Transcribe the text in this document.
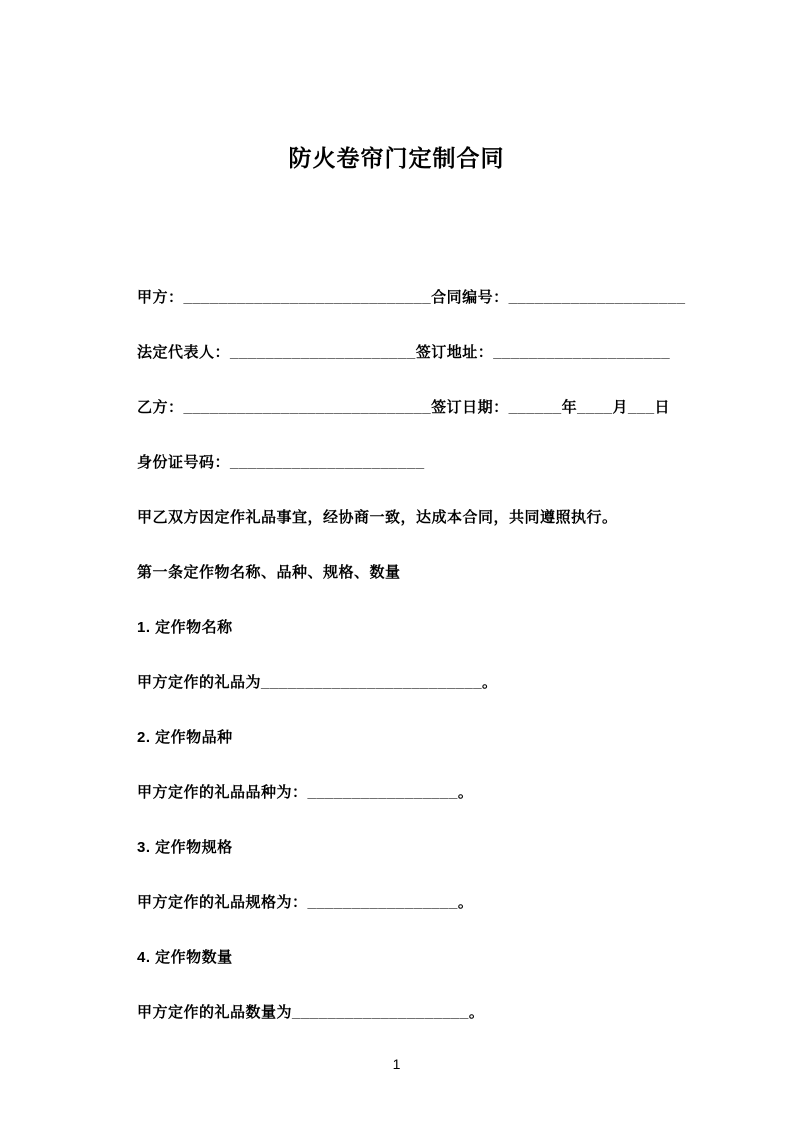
防火卷帘门定制合同

甲方：____________________________合同编号：____________________

法定代表人：_____________________签订地址：____________________

乙方：____________________________签订日期：______年____月___日

身份证号码：______________________

甲乙双方因定作礼品事宜，经协商一致，达成本合同，共同遵照执行。

第一条定作物名称、品种、规格、数量

1. 定作物名称

甲方定作的礼品为_________________________。

2. 定作物品种

甲方定作的礼品品种为：_________________。

3. 定作物规格

甲方定作的礼品规格为：_________________。

4. 定作物数量

甲方定作的礼品数量为____________________。

1
